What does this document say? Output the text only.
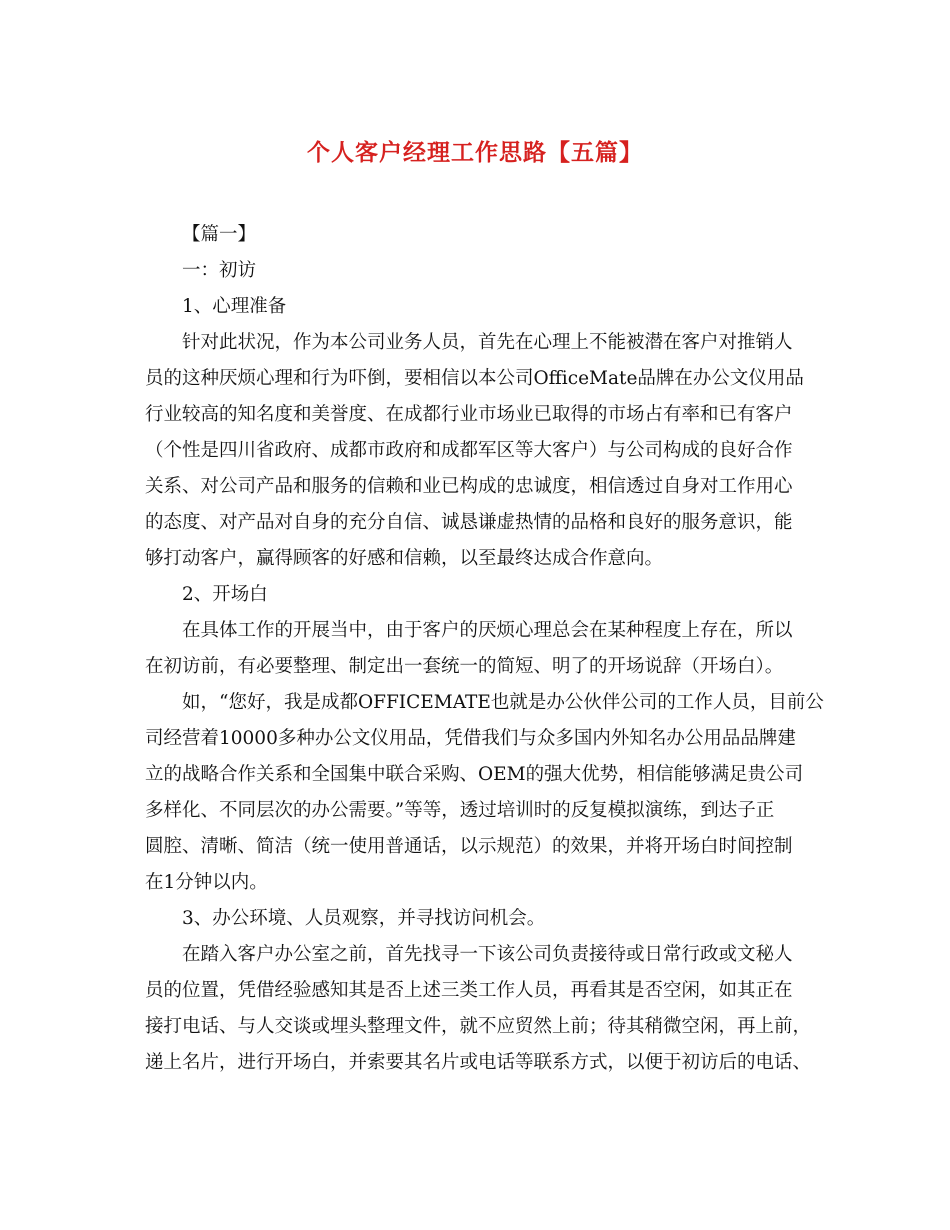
个人客户经理工作思路【五篇】
【篇一】
一：初访
1、心理准备
针对此状况，作为本公司业务人员，首先在心理上不能被潜在客户对推销人
员的这种厌烦心理和行为吓倒，要相信以本公司OfficeMate品牌在办公文仪用品
行业较高的知名度和美誉度、在成都行业市场业已取得的市场占有率和已有客户
（个性是四川省政府、成都市政府和成都军区等大客户）与公司构成的良好合作
关系、对公司产品和服务的信赖和业已构成的忠诚度，相信透过自身对工作用心
的态度、对产品对自身的充分自信、诚恳谦虚热情的品格和良好的服务意识，能
够打动客户，赢得顾客的好感和信赖，以至最终达成合作意向。
2、开场白
在具体工作的开展当中，由于客户的厌烦心理总会在某种程度上存在，所以
在初访前，有必要整理、制定出一套统一的简短、明了的开场说辞（开场白）。
如，“您好，我是成都OFFICEMATE也就是办公伙伴公司的工作人员，目前公
司经营着10000多种办公文仪用品，凭借我们与众多国内外知名办公用品品牌建
立的战略合作关系和全国集中联合采购、OEM的强大优势，相信能够满足贵公司
多样化、不同层次的办公需要。”等等，透过培训时的反复模拟演练，到达子正
圆腔、清晰、简洁（统一使用普通话，以示规范）的效果，并将开场白时间控制
在1分钟以内。
3、办公环境、人员观察，并寻找访问机会。
在踏入客户办公室之前，首先找寻一下该公司负责接待或日常行政或文秘人
员的位置，凭借经验感知其是否上述三类工作人员，再看其是否空闲，如其正在
接打电话、与人交谈或埋头整理文件，就不应贸然上前；待其稍微空闲，再上前，
递上名片，进行开场白，并索要其名片或电话等联系方式，以便于初访后的电话、
